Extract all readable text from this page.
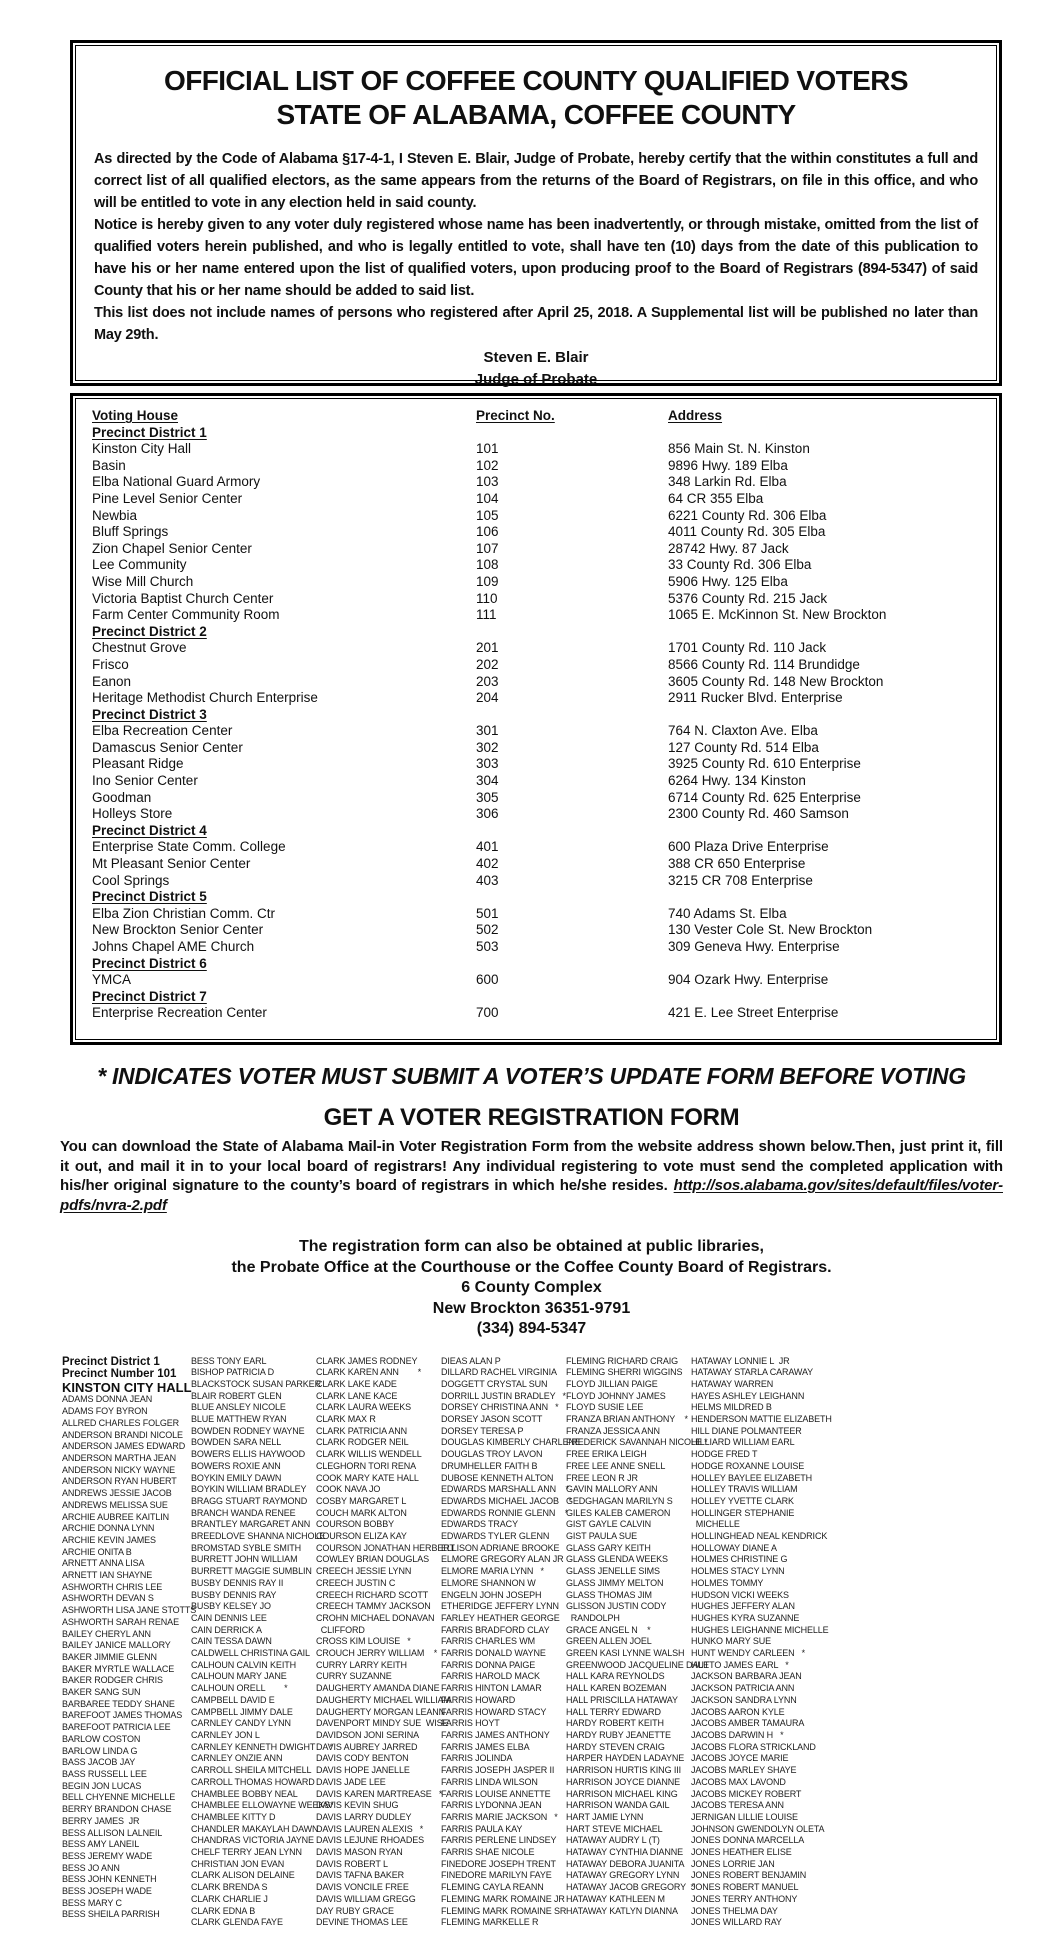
OFFICIAL LIST OF COFFEE COUNTY QUALIFIED VOTERS
STATE OF ALABAMA, COFFEE COUNTY

As directed by the Code of Alabama §17-4-1, I Steven E. Blair, Judge of Probate, hereby certify that the within constitutes a full and correct list of all qualified electors, as the same appears from the returns of the Board of Registrars, on file in this office, and who will be entitled to vote in any election held in said county.

Notice is hereby given to any voter duly registered whose name has been inadvertently, or through mistake, omitted from the list of qualified voters herein published, and who is legally entitled to vote, shall have ten (10) days from the date of this publication to have his or her name entered upon the list of qualified voters, upon producing proof to the Board of Registrars (894-5347) of said County that his or her name should be added to said list.

This list does not include names of persons who registered after April 25, 2018. A Supplemental list will be published no later than May 29th.

Steven E. Blair
Judge of Probate
Voting House	Precinct No.	Address
Precinct District 1
Kinston City Hall	101	856 Main St. N. Kinston
Basin	102	9896 Hwy. 189 Elba
Elba National Guard Armory	103	348 Larkin Rd. Elba
Pine Level Senior Center	104	64 CR 355 Elba
Newbia	105	6221 County Rd. 306 Elba
Bluff Springs	106	4011 County Rd. 305 Elba
Zion Chapel Senior Center	107	28742 Hwy. 87 Jack
Lee Community	108	33 County Rd. 306 Elba
Wise Mill Church	109	5906 Hwy. 125 Elba
Victoria Baptist Church Center	110	5376 County Rd. 215 Jack
Farm Center Community Room	111	1065 E. McKinnon St. New Brockton
Precinct District 2
Chestnut Grove	201	1701 County Rd. 110 Jack
Frisco	202	8566 County Rd. 114 Brundidge
Eanon	203	3605 County Rd. 148 New Brockton
Heritage Methodist Church Enterprise	204	2911 Rucker Blvd. Enterprise
Precinct District 3
Elba Recreation Center	301	764 N. Claxton Ave. Elba
Damascus Senior Center	302	127 County Rd. 514 Elba
Pleasant Ridge	303	3925 County Rd. 610 Enterprise
Ino Senior Center	304	6264 Hwy. 134 Kinston
Goodman	305	6714 County Rd. 625 Enterprise
Holleys Store	306	2300 County Rd. 460 Samson
Precinct District 4
Enterprise State Comm. College	401	600 Plaza Drive Enterprise
Mt Pleasant Senior Center	402	388 CR 650 Enterprise
Cool Springs	403	3215 CR 708 Enterprise
Precinct District 5
Elba Zion Christian Comm. Ctr	501	740 Adams St. Elba
New Brockton Senior Center	502	130 Vester Cole St. New Brockton
Johns Chapel AME Church	503	309 Geneva Hwy. Enterprise
Precinct District 6
YMCA	600	904 Ozark Hwy. Enterprise
Precinct District 7
Enterprise Recreation Center	700	421 E. Lee Street Enterprise
* INDICATES VOTER MUST SUBMIT A VOTER’S UPDATE FORM BEFORE VOTING
GET A VOTER REGISTRATION FORM

You can download the State of Alabama Mail-in Voter Registration Form from the website address shown below.Then, just print it, fill it out, and mail it in to your local board of registrars! Any individual registering to vote must send the completed application with his/her original signature to the county’s board of registrars in which he/she resides. http://sos.alabama.gov/sites/default/files/voter-pdfs/nvra-2.pdf

The registration form can also be obtained at public libraries,
the Probate Office at the Courthouse or the Coffee County Board of Registrars.
6 County Complex
New Brockton 36351-9791
(334) 894-5347
Precinct District 1
Precinct Number 101
KINSTON CITY HALL
ADAMS DONNA JEAN
ADAMS FOY BYRON
ALLRED CHARLES FOLGER
ANDERSON BRANDI NICOLE
ANDERSON JAMES EDWARD
ANDERSON MARTHA JEAN
ANDERSON NICKY WAYNE
ANDERSON RYAN HUBERT
ANDREWS JESSIE JACOB
ANDREWS MELISSA SUE
ARCHIE AUBREE KAITLIN
ARCHIE DONNA LYNN
ARCHIE KEVIN JAMES
ARCHIE ONITA B
ARNETT ANNA LISA
ARNETT IAN SHAYNE
ASHWORTH CHRIS LEE
ASHWORTH DEVAN S
ASHWORTH LISA JANE STOTTS
ASHWORTH SARAH RENAE
BAILEY CHERYL ANN
BAILEY JANICE MALLORY
BAKER JIMMIE GLENN
BAKER MYRTLE WALLACE
BAKER RODGER CHRIS
BAKER SANG SUN
BARBAREE TEDDY SHANE
BAREFOOT JAMES THOMAS
BAREFOOT PATRICIA LEE
BARLOW COSTON
BARLOW LINDA G
BASS JACOB JAY
BASS RUSSELL LEE
BEGIN JON LUCAS
BELL CHYENNE MICHELLE
BERRY BRANDON CHASE
BERRY JAMES  JR
BESS ALLISON LALNEIL
BESS AMY LANEIL
BESS JEREMY WADE
BESS JO ANN
BESS JOHN KENNETH
BESS JOSEPH WADE
BESS MARY C
BESS SHEILA PARRISH
BESS TONY EARL
BISHOP PATRICIA D
BLACKSTOCK SUSAN PARKER
BLAIR ROBERT GLEN
BLUE ANSLEY NICOLE
BLUE MATTHEW RYAN
BOWDEN RODNEY WAYNE
BOWDEN SARA NELL
BOWERS ELLIS HAYWOOD
BOWERS ROXIE ANN
BOYKIN EMILY DAWN
BOYKIN WILLIAM BRADLEY
BRAGG STUART RAYMOND
BRANCH WANDA RENEE
BRANTLEY MARGARET ANN
BREEDLOVE SHANNA NICHOLE
BROMSTAD SYBLE SMITH
BURRETT JOHN WILLIAM
BURRETT MAGGIE SUMBLIN
BUSBY DENNIS RAY II
BUSBY DENNIS RAY
BUSBY KELSEY JO
CAIN DENNIS LEE
CAIN DERRICK A
CAIN TESSA DAWN
CALDWELL CHRISTINA GAIL
CALHOUN CALVIN KEITH
CALHOUN MARY JANE
CALHOUN ORELL        *
CAMPBELL DAVID E
CAMPBELL JIMMY DALE
CARNLEY CANDY LYNN
CARNLEY JON L
CARNLEY KENNETH DWIGHT      *
CARNLEY ONZIE ANN
CARROLL SHEILA MITCHELL
CARROLL THOMAS HOWARD
CHAMBLEE BOBBY NEAL
CHAMBLEE ELLOWAYNE WEEKS*
CHAMBLEE KITTY D
CHANDLER MAKAYLAH DAWN
CHANDRAS VICTORIA JAYNE
CHELF TERRY JEAN LYNN
CHRISTIAN JON EVAN
CLARK ALISON DELAINE
CLARK BRENDA S
CLARK CHARLIE J
CLARK EDNA B
CLARK GLENDA FAYE
CLARK JAMES RODNEY
CLARK KAREN ANN        *
CLARK LAKE KADE
CLARK LANE KACE
CLARK LAURA WEEKS
CLARK MAX R
CLARK PATRICIA ANN
CLARK RODGER NEIL
CLARK WILLIS WENDELL
CLEGHORN TORI RENA
COOK MARY KATE HALL
COOK NAVA JO
COSBY MARGARET L
COUCH MARK ALTON
COURSON BOBBY
COURSON ELIZA KAY
COURSON JONATHAN HERBERT
COWLEY BRIAN DOUGLAS
CREECH JESSIE LYNN
CREECH JUSTIN C
CREECH RICHARD SCOTT
CREECH TAMMY JACKSON
CROHN MICHAEL DONAVAN
CLIFFORD
CROSS KIM LOUISE   *
CROUCH JERRY WILLIAM    *
CURRY LARRY KEITH
CURRY SUZANNE
DAUGHERTY AMANDA DIANE
DAUGHERTY MICHAEL WILLIAM
DAUGHERTY MORGAN LEANN
DAVENPORT MINDY SUE  WISE
DAVIDSON JONI SERINA
DAVIS AUBREY JARRED
DAVIS CODY BENTON
DAVIS HOPE JANELLE
DAVIS JADE LEE
DAVIS KAREN MARTREASE   *
DAVIS KEVIN SHUG
DAVIS LARRY DUDLEY
DAVIS LAUREN ALEXIS   *
DAVIS LEJUNE RHOADES
DAVIS MASON RYAN
DAVIS ROBERT L
DAVIS TAFNA BAKER
DAVIS VONCILE FREE
DAVIS WILLIAM GREGG
DAY RUBY GRACE
DEVINE THOMAS LEE
DIEAS ALAN P
DILLARD RACHEL VIRGINIA
DOGGETT CRYSTAL SUN
DORRILL JUSTIN BRADLEY   *
DORSEY CHRISTINA ANN   *
DORSEY JASON SCOTT
DORSEY TERESA P
DOUGLAS KIMBERLY CHARLENE
DOUGLAS TROY LAVON
DRUMHELLER FAITH B
DUBOSE KENNETH ALTON
EDWARDS MARSHALL ANN    *
EDWARDS MICHAEL JACOB    *
EDWARDS RONNIE GLENN    *
EDWARDS TRACY
EDWARDS TYLER GLENN
ELLISON ADRIANE BROOKE
ELMORE GREGORY ALAN JR
ELMORE MARIA LYNN   *
ELMORE SHANNON W
ENGELN JOHN JOSEPH
ETHERIDGE JEFFERY LYNN
FARLEY HEATHER GEORGE
FARRIS BRADFORD CLAY
FARRIS CHARLES WM
FARRIS DONALD WAYNE
FARRIS DONNA PAIGE
FARRIS HAROLD MACK
FARRIS HINTON LAMAR
FARRIS HOWARD
FARRIS HOWARD STACY
FARRIS HOYT
FARRIS JAMES ANTHONY
FARRIS JAMES ELBA
FARRIS JOLINDA
FARRIS JOSEPH JASPER II
FARRIS LINDA WILSON
FARRIS LOUISE ANNETTE
FARRIS LYDONNA JEAN
FARRIS MARIE JACKSON   *
FARRIS PAULA KAY
FARRIS PERLENE LINDSEY
FARRIS SHAE NICOLE
FINEDORE JOSEPH TRENT
FINEDORE MARILYN FAYE
FLEMING CAYLA REANN
FLEMING MARK ROMAINE JR
FLEMING MARK ROMAINE SR
FLEMING MARKELLE R
FLEMING RICHARD CRAIG
FLEMING SHERRI WIGGINS
FLOYD JILLIAN PAIGE
FLOYD JOHNNY JAMES
FLOYD SUSIE LEE
FRANZA BRIAN ANTHONY    *
FRANZA JESSICA ANN
FREDERICK SAVANNAH NICOLE *
FREE ERIKA LEIGH
FREE LEE ANNE SNELL
FREE LEON R JR
GAVIN MALLORY ANN
GEDGHAGAN MARILYN S
GILES KALEB CAMERON
GIST GAYLE CALVIN
GIST PAULA SUE
GLASS GARY KEITH
GLASS GLENDA WEEKS
GLASS JENELLE SIMS
GLASS JIMMY MELTON
GLASS THOMAS JIM
GLISSON JUSTIN CODY
RANDOLPH
GRACE ANGEL N    *
GREEN ALLEN JOEL
GREEN KASI LYNNE WALSH
GREENWOOD JACQUELINE DALE
HALL KARA REYNOLDS
HALL KAREN BOZEMAN
HALL PRISCILLA HATAWAY
HALL TERRY EDWARD
HARDY ROBERT KEITH
HARDY RUBY JEANETTE
HARDY STEVEN CRAIG
HARPER HAYDEN LADAYNE
HARRISON HURTIS KING III
HARRISON JOYCE DIANNE
HARRISON MICHAEL KING
HARRISON WANDA GAIL
HART JAMIE LYNN
HART STEVE MICHAEL
HATAWAY AUDRY L (T)
HATAWAY CYNTHIA DIANNE
HATAWAY DEBORA JUANITA
HATAWAY GREGORY LYNN
HATAWAY JACOB GREGORY  *
HATAWAY KATHLEEN M
HATAWAY KATLYN DIANNA
HATAWAY LONNIE L  JR
HATAWAY STARLA CARAWAY
HATAWAY WARREN
HAYES ASHLEY LEIGHANN
HELMS MILDRED B
HENDERSON MATTIE ELIZABETH
HILL DIANE POLMANTEER
HILLIARD WILLIAM EARL
HODGE FRED T
HODGE ROXANNE LOUISE
HOLLEY BAYLEE ELIZABETH
HOLLEY TRAVIS WILLIAM
HOLLEY YVETTE CLARK
HOLLINGER STEPHANIE
MICHELLE
HOLLINGHEAD NEAL KENDRICK
HOLLOWAY DIANE A
HOLMES CHRISTINE G
HOLMES STACY LYNN
HOLMES TOMMY
HUDSON VICKI WEEKS
HUGHES JEFFERY ALAN
HUGHES KYRA SUZANNE
HUGHES LEIGHANNE MICHELLE
HUNKO MARY SUE
HUNT WENDY CARLEEN   *
HUTTO JAMES EARL   *
JACKSON BARBARA JEAN
JACKSON PATRICIA ANN
JACKSON SANDRA LYNN
JACOBS AARON KYLE
JACOBS AMBER TAMAURA
JACOBS DARWIN H   *
JACOBS FLORA STRICKLAND
JACOBS JOYCE MARIE
JACOBS MARLEY SHAYE
JACOBS MAX LAVOND
JACOBS MICKEY ROBERT
JACOBS TERESA ANN
JERNIGAN LILLIE LOUISE
JOHNSON GWENDOLYN OLETA
JONES DONNA MARCELLA
JONES HEATHER ELISE
JONES LORRIE JAN
JONES ROBERT BENJAMIN
JONES ROBERT MANUEL
JONES TERRY ANTHONY
JONES THELMA DAY
JONES WILLARD RAY
